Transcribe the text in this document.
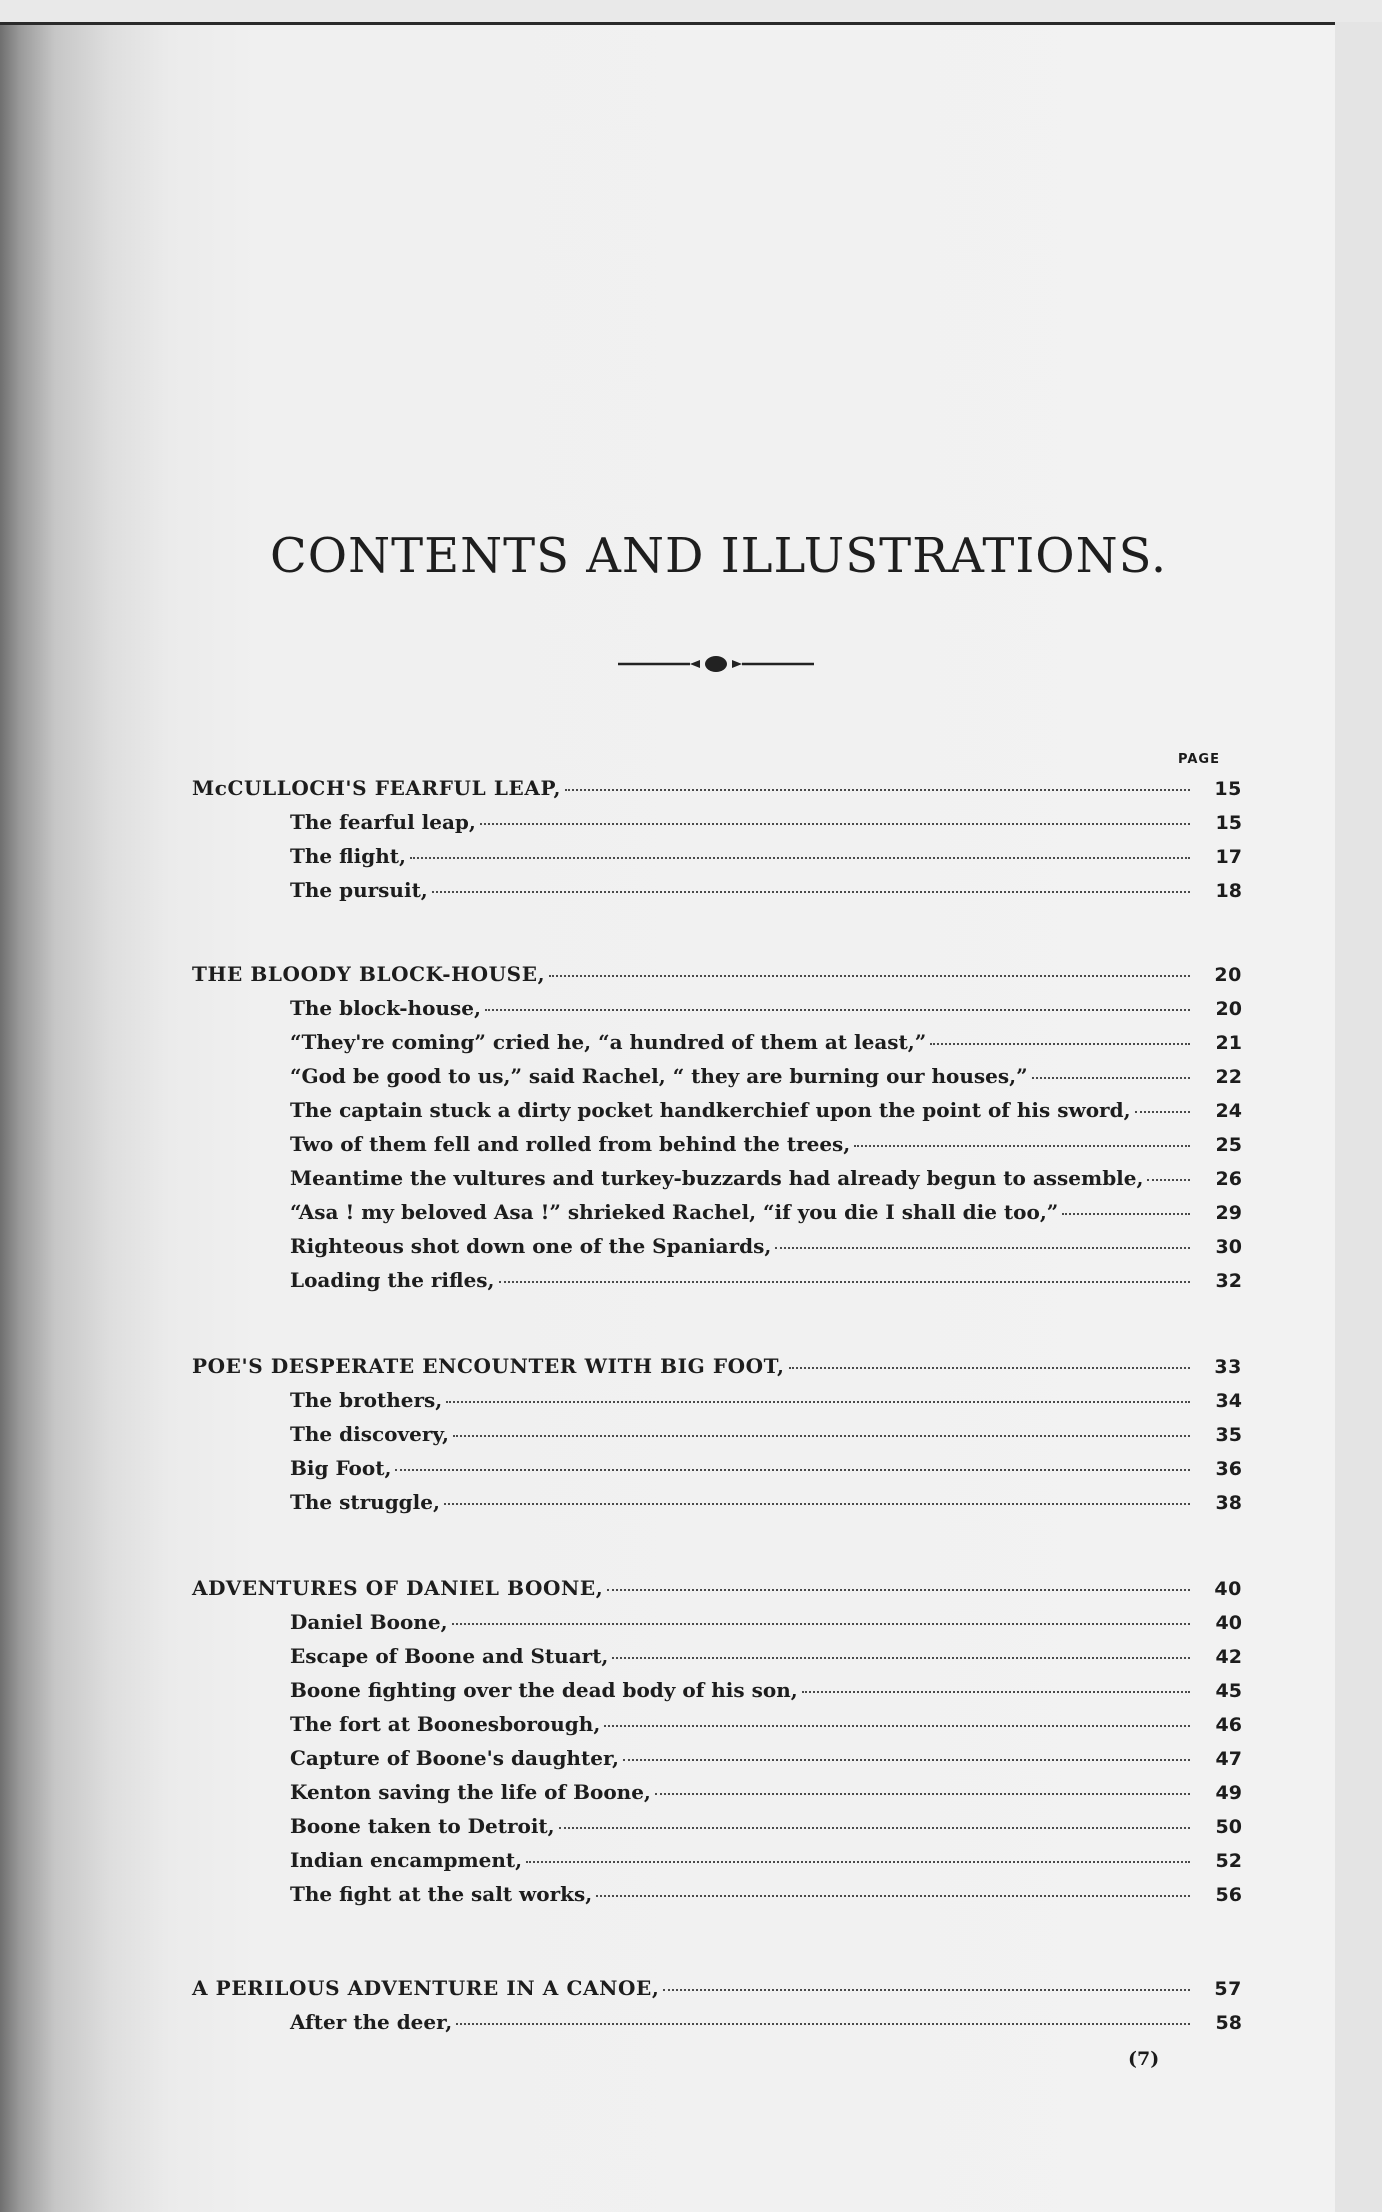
CONTENTS AND ILLUSTRATIONS.
PAGE
McCULLOCH'S FEARFUL LEAP,	15
The fearful leap,	15
The flight,	17
The pursuit,	18
THE BLOODY BLOCK-HOUSE,	20
The block-house,	20
“They're coming” cried he, “a hundred of them at least,”	21
“God be good to us,” said Rachel, “ they are burning our houses,”	22
The captain stuck a dirty pocket handkerchief upon the point of his sword,	24
Two of them fell and rolled from behind the trees,	25
Meantime the vultures and turkey-buzzards had already begun to assemble,	26
“Asa ! my beloved Asa !” shrieked Rachel, “if you die I shall die too,”	29
Righteous shot down one of the Spaniards,	30
Loading the rifles,	32
POE'S DESPERATE ENCOUNTER WITH BIG FOOT,	33
The brothers,	34
The discovery,	35
Big Foot,	36
The struggle,	38
ADVENTURES OF DANIEL BOONE,	40
Daniel Boone,	40
Escape of Boone and Stuart,	42
Boone fighting over the dead body of his son,	45
The fort at Boonesborough,	46
Capture of Boone's daughter,	47
Kenton saving the life of Boone,	49
Boone taken to Detroit,	50
Indian encampment,	52
The fight at the salt works,	56
A PERILOUS ADVENTURE IN A CANOE,	57
After the deer,	58
(7)
